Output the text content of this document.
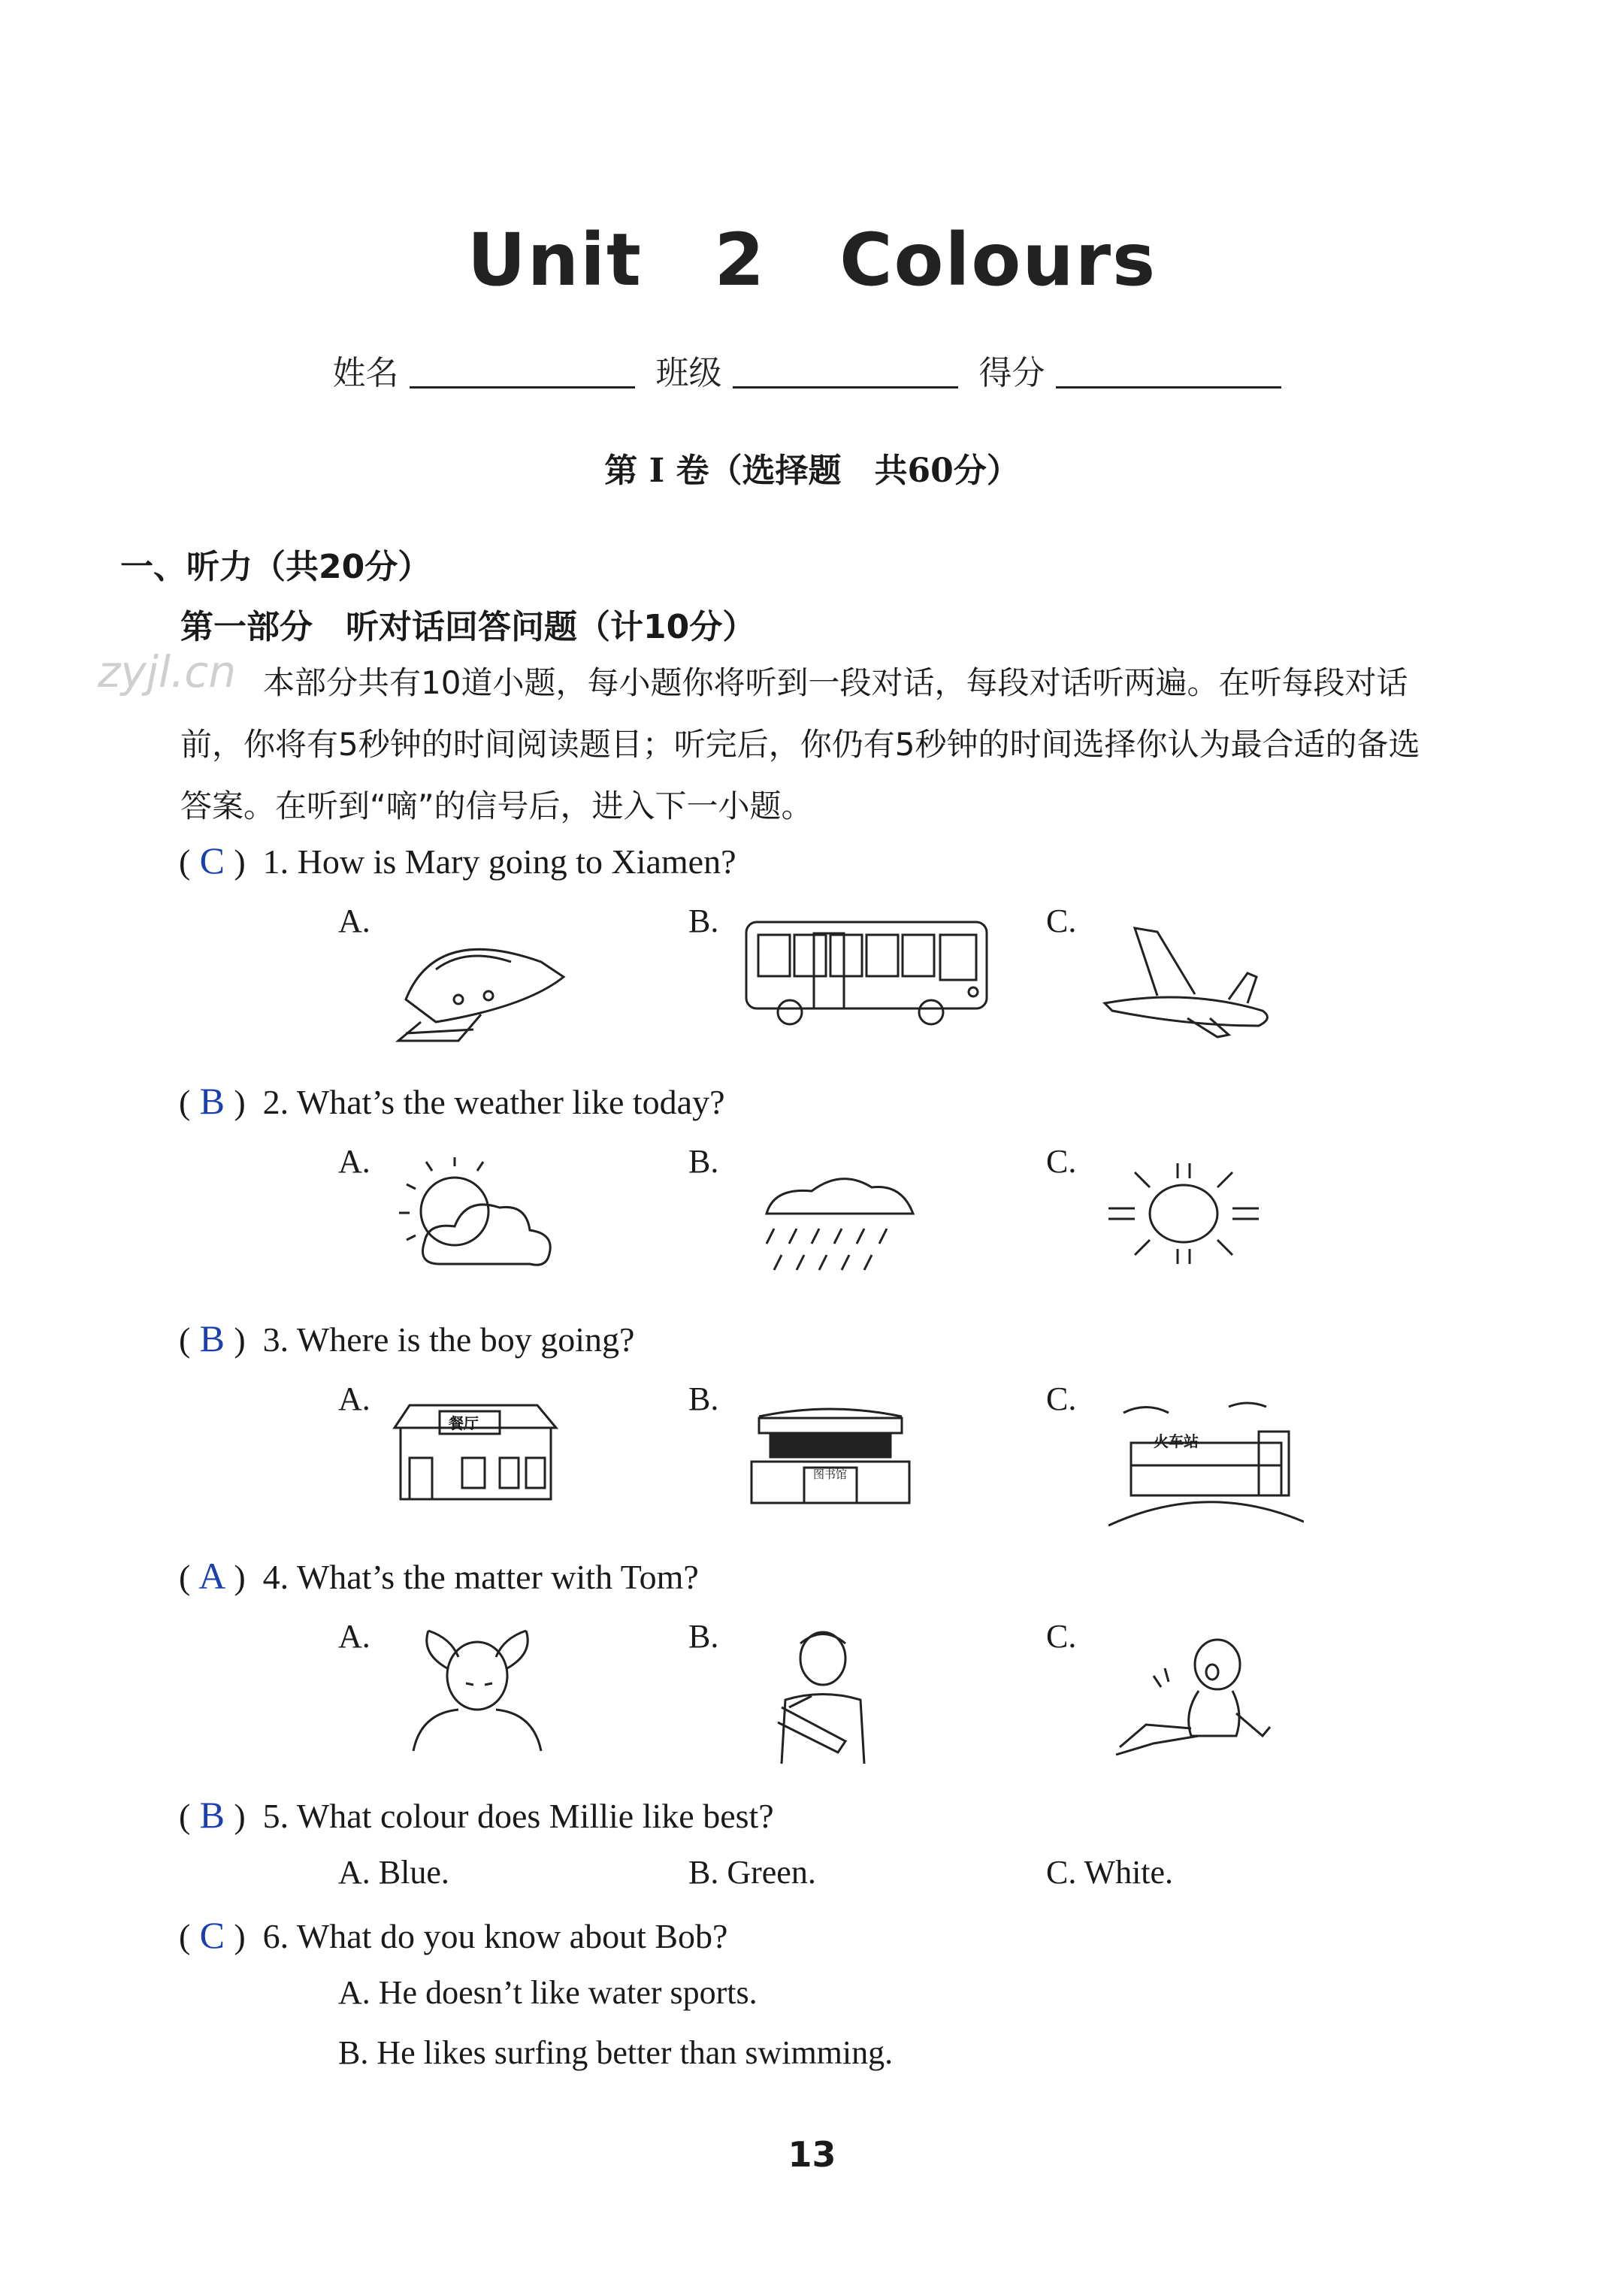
Unit 2　Colours
姓名	班级	得分
第 I 卷（选择题　共60分）
一、听力（共20分）
第一部分　听对话回答问题（计10分）
zyjl.cn 本部分共有10道小题，每小题你将听到一段对话，每段对话听两遍。在听每段对话前，你将有5秒钟的时间阅读题目；听完后，你仍有5秒钟的时间选择你认为最合适的备选答案。在听到“嘀”的信号后，进入下一小题。
( C )  1. How is Mary going to Xiamen?
A.	B.	C.
( B )  2. What’s the weather like today?
A.	B.	C.
( B )  3. Where is the boy going?
A.	B.	C.
餐厅
图书馆
火车站
( A )  4. What’s the matter with Tom?
A.	B.	C.
( B )  5. What colour does Millie like best?
A. Blue.	B. Green.	C. White.
( C )  6. What do you know about Bob?
A. He doesn’t like water sports.
B. He likes surfing better than swimming.
13
